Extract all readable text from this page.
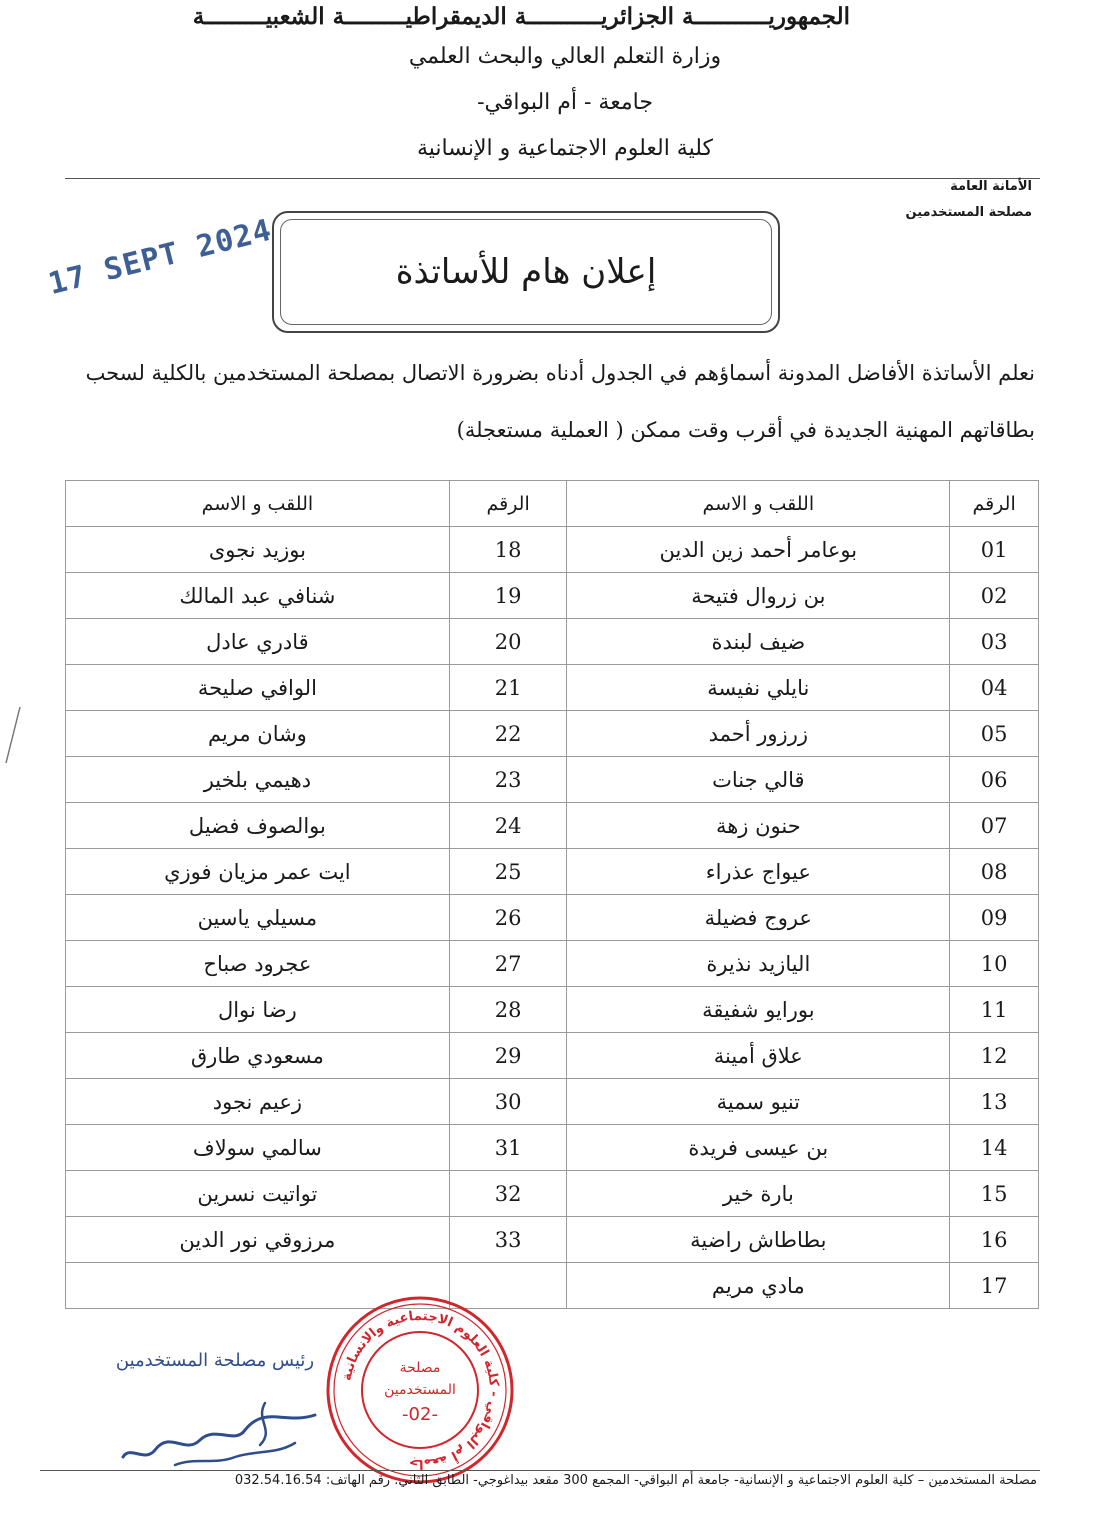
الجمهوريـــــــــــة الجزائريـــــــــــة الديمقراطيـــــــــة الشعبيـــــــــة
وزارة التعلم العالي والبحث العلمي
جامعة - أم البواقي-
كلية العلوم الاجتماعية و الإنسانية
الأمانة العامة
مصلحة المستخدمين
17 SEPT 2024	إعلان هام للأساتذة
نعلم الأساتذة الأفاضل المدونة أسماؤهم في الجدول أدناه بضرورة الاتصال بمصلحة المستخدمين بالكلية لسحب
بطاقاتهم المهنية الجديدة في أقرب وقت ممكن ( العملية مستعجلة)
الرقم	اللقب و الاسم	الرقم	اللقب و الاسم
01	بوعامر أحمد زين الدين	18	بوزيد نجوى
02	بن زروال فتيحة	19	شنافي عبد المالك
03	ضيف لبندة	20	قادري عادل
04	نايلي نفيسة	21	الوافي صليحة
05	زرزور أحمد	22	وشان مريم
06	قالي جنات	23	دهيمي بلخير
07	حنون زهة	24	بوالصوف فضيل
08	عيواج عذراء	25	ايت عمر مزيان فوزي
09	عروج فضيلة	26	مسيلي ياسين
10	اليازيد نذيرة	27	عجرود صباح
11	بورايو شفيقة	28	رضا نوال
12	علاق أمينة	29	مسعودي طارق
13	تنيو سمية	30	زعيم نجود
14	بن عيسى فريدة	31	سالمي سولاف
15	بارة خير	32	تواتيت نسرين
16	بطاطاش راضية	33	مرزوقي نور الدين
17	مادي مريم		
رئيس مصلحة المستخدمين
جامعة أم البواقي - كلية العلوم الاجتماعية والانسانية
مصلحة
المستخدمين
-02-
مصلحة المستخدمين – كلية العلوم الاجتماعية و الإنسانية- جامعة أم البواقي- المجمع 300 مقعد بيداغوجي- الطابق الثاني. رقم الهاتف: 032.54.16.54
